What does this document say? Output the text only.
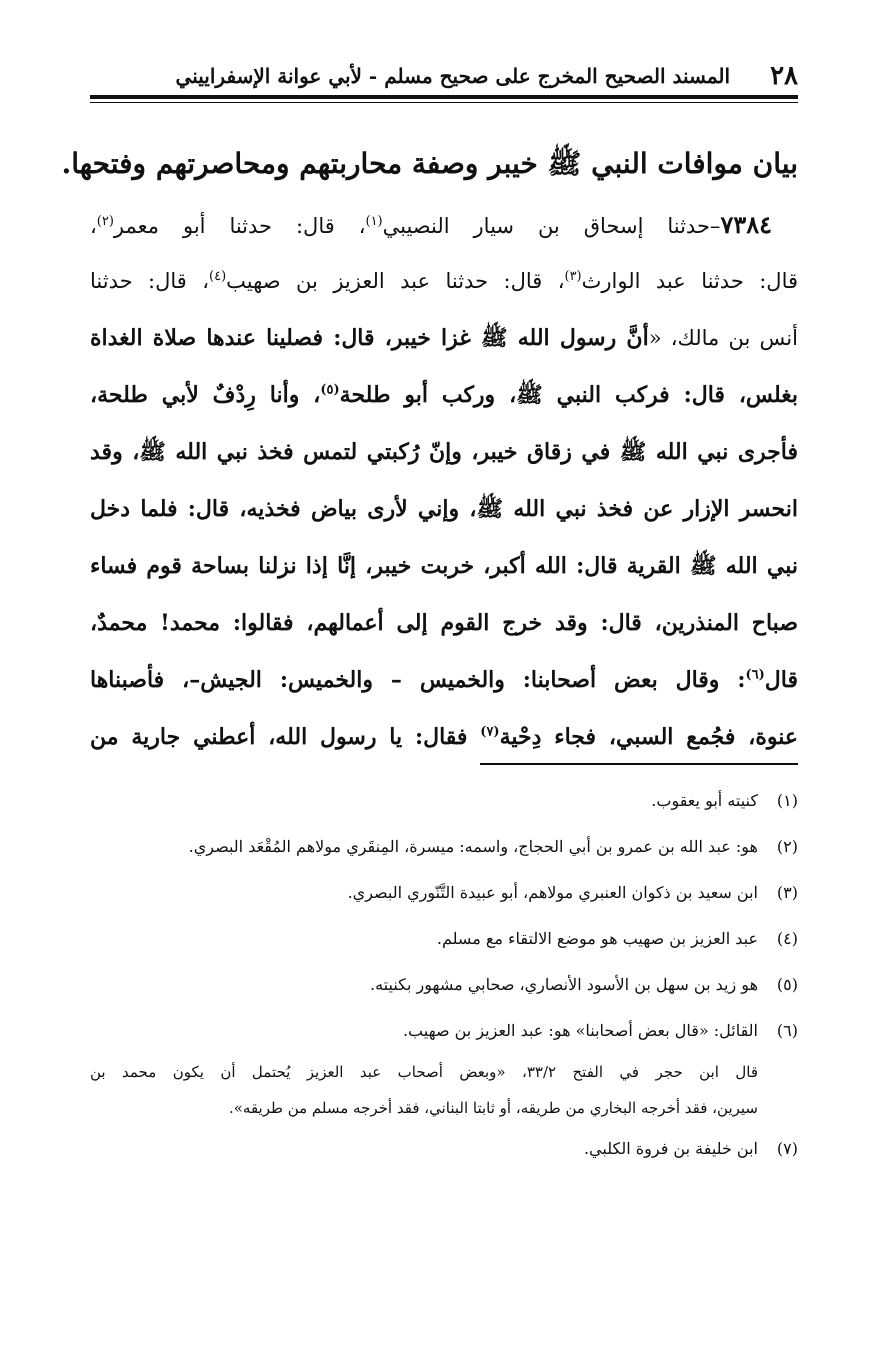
٢٨
المسند الصحيح المخرج على صحيح مسلم - لأبي عوانة الإسفراييني
بيان موافات النبي ﷺ خيبر وصفة محاربتهم ومحاصرتهم وفتحها.
٧٣٨٤–حدثنا إسحاق بن سيار النصيبي$^{(١)}$، قال: حدثنا أبو معمر$^{(٢)}$،
قال: حدثنا عبد الوارث$^{(٣)}$، قال: حدثنا عبد العزيز بن صهيب$^{(٤)}$، قال: حدثنا
أنس بن مالك، «أنَّ رسول الله ﷺ غزا خيبر، قال: فصلينا عندها صلاة الغداة
بغلس، قال: فركب النبي ﷺ، وركب أبو طلحة$^{(٥)}$، وأنا رِدْفٌ لأبي طلحة،
فأجرى نبي الله ﷺ في زقاق خيبر، وإنّ رُكبتي لتمس فخذ نبي الله ﷺ، وقد
انحسر الإزار عن فخذ نبي الله ﷺ، وإني لأرى بياض فخذيه، قال: فلما دخل
نبي الله ﷺ القرية قال: الله أكبر، خربت خيبر، إنَّا إذا نزلنا بساحة قوم فساء
صباح المنذرين، قال: وقد خرج القوم إلى أعمالهم، فقالوا: محمد! محمدٌ،
قال$^{(٦)}$: وقال بعض أصحابنا: والخميس – والخميس: الجيش–، فأصبناها
عنوة، فجُمع السبي، فجاء دِحْية$^{(٧)}$ فقال: يا رسول الله، أعطني جارية من
(١)
كنيته أبو يعقوب.
(٢)
هو: عبد الله بن عمرو بن أبي الحجاج، واسمه: ميسرة، المِنقَري مولاهم المُقْعَد البصري.
(٣)
ابن سعيد بن ذكوان العنبري مولاهم، أبو عبيدة التَّنّوري البصري.
(٤)
عبد العزيز بن صهيب هو موضع الالتقاء مع مسلم.
(٥)
هو زيد بن سهل بن الأسود الأنصاري، صحابي مشهور بكنيته.
(٦)
القائل: «قال بعض أصحابنا» هو: عبد العزيز بن صهيب.
قال ابن حجر في الفتح ٣٣/٢، «وبعض أصحاب عبد العزيز يُحتمل أن يكون محمد بن
سيرين، فقد أخرجه البخاري من طريقه، أو ثابتا البناني، فقد أخرجه مسلم من طريقه».
(٧)
ابن خليفة بن فروة الكلبي.
